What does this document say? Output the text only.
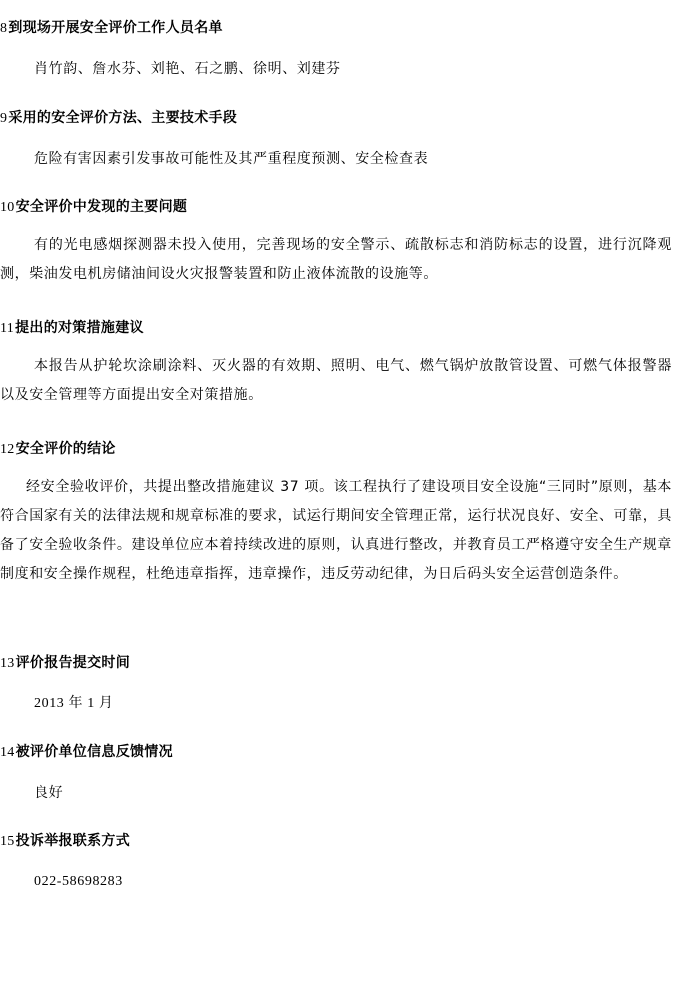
8到现场开展安全评价工作人员名单

肖竹韵、詹水芬、刘艳、石之鹏、徐明、刘建芬

9采用的安全评价方法、主要技术手段

危险有害因素引发事故可能性及其严重程度预测、安全检查表

10安全评价中发现的主要问题

有的光电感烟探测器未投入使用，完善现场的安全警示、疏散标志和消防标志的设置，进行沉降观测，柴油发电机房储油间设火灾报警装置和防止液体流散的设施等。

11提出的对策措施建议

本报告从护轮坎涂刷涂料、灭火器的有效期、照明、电气、燃气锅炉放散管设置、可燃气体报警器以及安全管理等方面提出安全对策措施。

12安全评价的结论

经安全验收评价，共提出整改措施建议 37 项。该工程执行了建设项目安全设施“三同时”原则，基本符合国家有关的法律法规和规章标准的要求，试运行期间安全管理正常，运行状况良好、安全、可靠，具备了安全验收条件。建设单位应本着持续改进的原则，认真进行整改，并教育员工严格遵守安全生产规章制度和安全操作规程，杜绝违章指挥，违章操作，违反劳动纪律，为日后码头安全运营创造条件。

13评价报告提交时间

2013 年 1 月

14被评价单位信息反馈情况

良好

15投诉举报联系方式

022-58698283
